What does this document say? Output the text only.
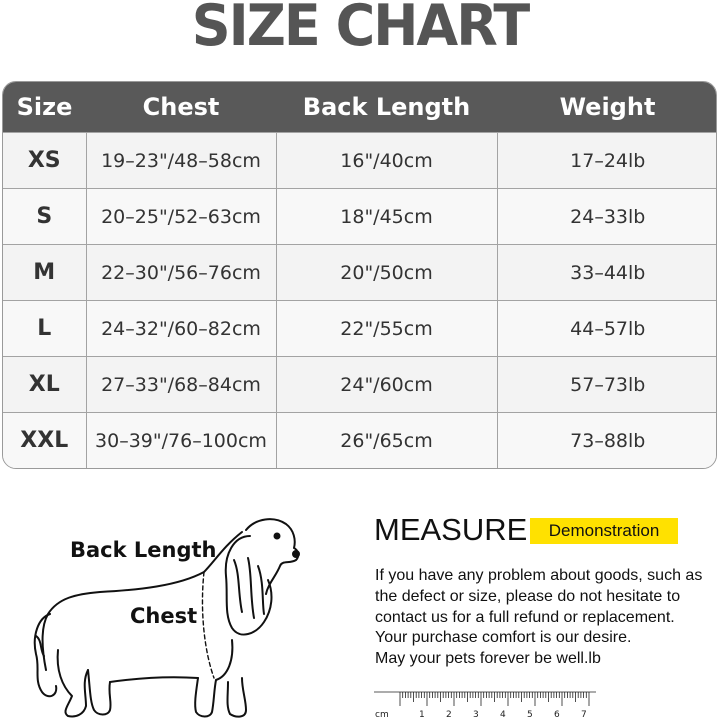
SIZE CHART
Size	Chest	Back Length	Weight
XS	19–23"/48–58cm	16"/40cm	17–24lb
S	20–25"/52–63cm	18"/45cm	24–33lb
M	22–30"/56–76cm	20"/50cm	33–44lb
L	24–32"/60–82cm	22"/55cm	44–57lb
XL	27–33"/68–84cm	24"/60cm	57–73lb
XXL	30–39"/76–100cm	26"/65cm	73–88lb
Back Length
Chest
MEASURE	Demonstration
If you have any problem about goods, such as
the defect or size, please do not hesitate to
contact us for a full refund or replacement.
Your purchase comfort is our desire.
May your pets forever be well.lb
cm	1 2 3 4 5 6 7
